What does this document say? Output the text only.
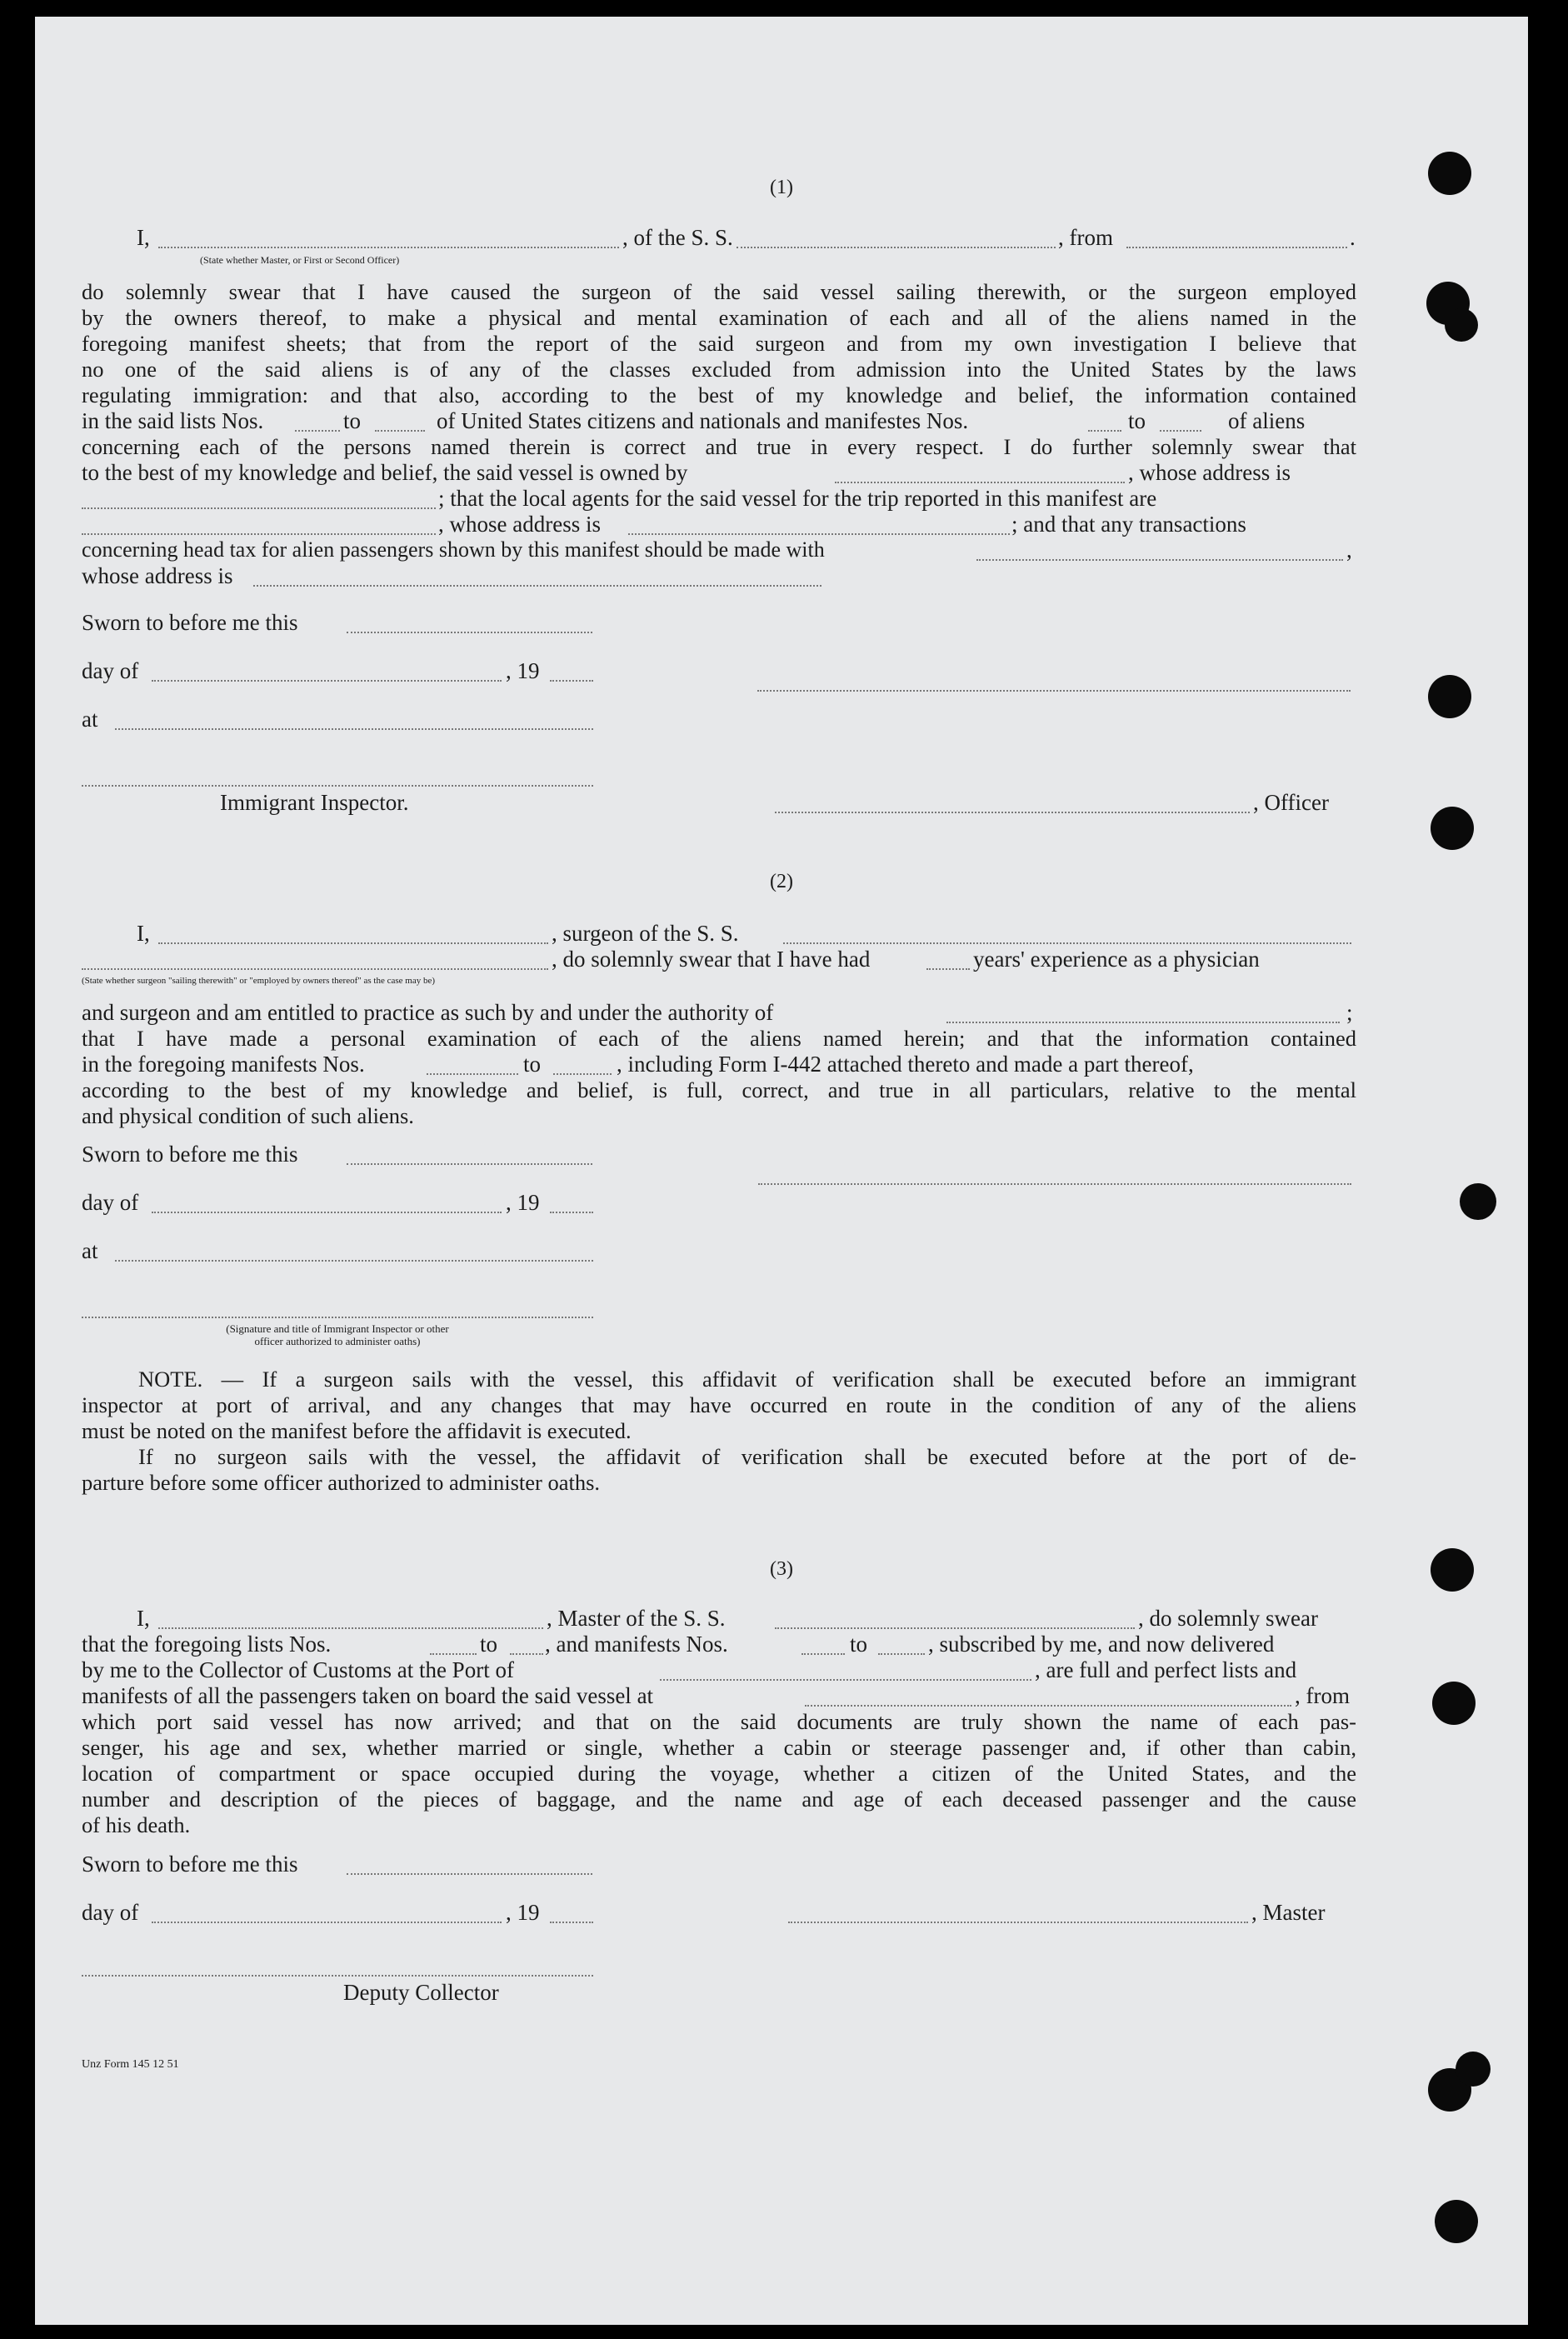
(1)
I,	, of the S. S.	, from	.
(State whether Master, or First or Second Officer)
do solemnly swear that I have caused the surgeon of the said vessel sailing therewith, or the surgeon employed
by the owners thereof, to make a physical and mental examination of each and all of the aliens named in the
foregoing manifest sheets; that from the report of the said surgeon and from my own investigation I believe that
no one of the said aliens is of any of the classes excluded from admission into the United States by the laws
regulating immigration: and that also, according to the best of my knowledge and belief, the information contained
in the said lists Nos.	to	of United States citizens and nationals and manifestes Nos.	to	of aliens
concerning each of the persons named therein is correct and true in every respect. I do further solemnly swear that
to the best of my knowledge and belief, the said vessel is owned by	, whose address is
; that the local agents for the said vessel for the trip reported in this manifest are
, whose address is	; and that any transactions
concerning head tax for alien passengers shown by this manifest should be made with	,
whose address is
Sworn to before me this
day of	, 19
at
Immigrant Inspector.	, Officer
(2)
I,	, surgeon of the S. S.
, do solemnly swear that I have had	years' experience as a physician
(State whether surgeon "sailing therewith" or "employed by owners thereof" as the case may be)
and surgeon and am entitled to practice as such by and under the authority of	;
that I have made a personal examination of each of the aliens named herein; and that the information contained
in the foregoing manifests Nos.	to	, including Form I-442 attached thereto and made a part thereof,
according to the best of my knowledge and belief, is full, correct, and true in all particulars, relative to the mental
and physical condition of such aliens.
Sworn to before me this
day of	, 19
at
(Signature and title of Immigrant Inspector or other
officer authorized to administer oaths)
NOTE. — If a surgeon sails with the vessel, this affidavit of verification shall be executed before an immigrant
inspector at port of arrival, and any changes that may have occurred en route in the condition of any of the aliens
must be noted on the manifest before the affidavit is executed.
If no surgeon sails with the vessel, the affidavit of verification shall be executed before at the port of de-
parture before some officer authorized to administer oaths.
(3)
I,	, Master of the S. S.	, do solemnly swear
that the foregoing lists Nos.	to , and manifests Nos.	to	, subscribed by me, and now delivered
by me to the Collector of Customs at the Port of	, are full and perfect lists and
manifests of all the passengers taken on board the said vessel at	, from
which port said vessel has now arrived; and that on the said documents are truly shown the name of each pas-
senger, his age and sex, whether married or single, whether a cabin or steerage passenger and, if other than cabin,
location of compartment or space occupied during the voyage, whether a citizen of the United States, and the
number and description of the pieces of baggage, and the name and age of each deceased passenger and the cause
of his death.
Sworn to before me this
day of	, 19	, Master
Deputy Collector
Unz Form 145 12 51
